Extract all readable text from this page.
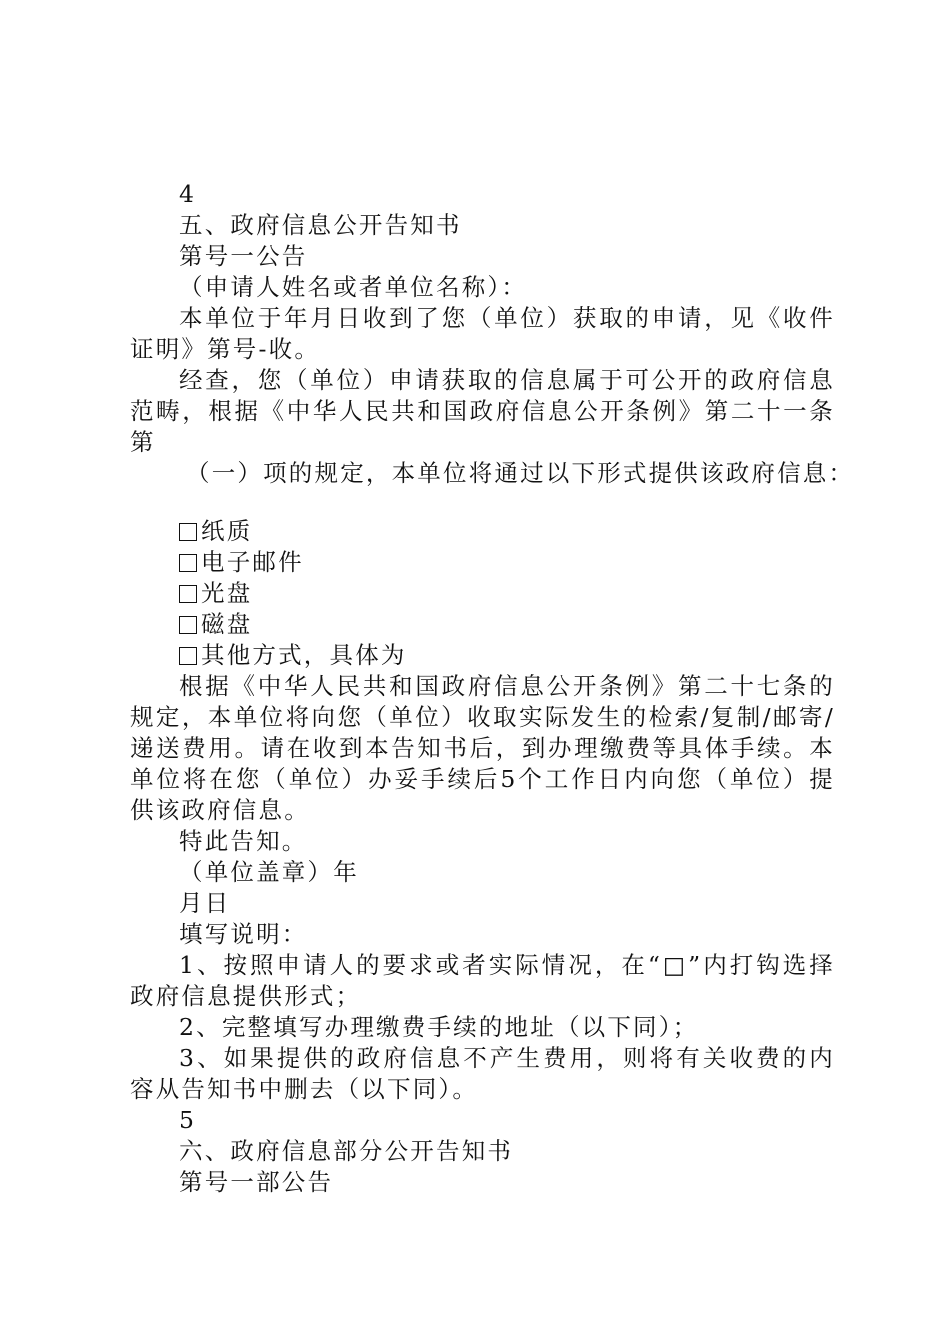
4
五、政府信息公开告知书
第号一公告
（申请人姓名或者单位名称）：
本单位于年月日收到了您（单位）获取的申请，见《收件证明》第号-收。
经查，您（单位）申请获取的信息属于可公开的政府信息范畴，根据《中华人民共和国政府信息公开条例》第二十一条第
（一）项的规定，本单位将通过以下形式提供该政府信息：
纸质
电子邮件
光盘
磁盘
其他方式，具体为
根据《中华人民共和国政府信息公开条例》第二十七条的规定，本单位将向您（单位）收取实际发生的检索/复制/邮寄/递送费用。请在收到本告知书后，到办理缴费等具体手续。本单位将在您（单位）办妥手续后5个工作日内向您（单位）提供该政府信息。
特此告知。
（单位盖章）年
月日
填写说明：
1、按照申请人的要求或者实际情况，在“□”内打钩选择政府信息提供形式；
2、完整填写办理缴费手续的地址（以下同）；
3、如果提供的政府信息不产生费用，则将有关收费的内容从告知书中删去（以下同）。
5
六、政府信息部分公开告知书
第号一部公告
